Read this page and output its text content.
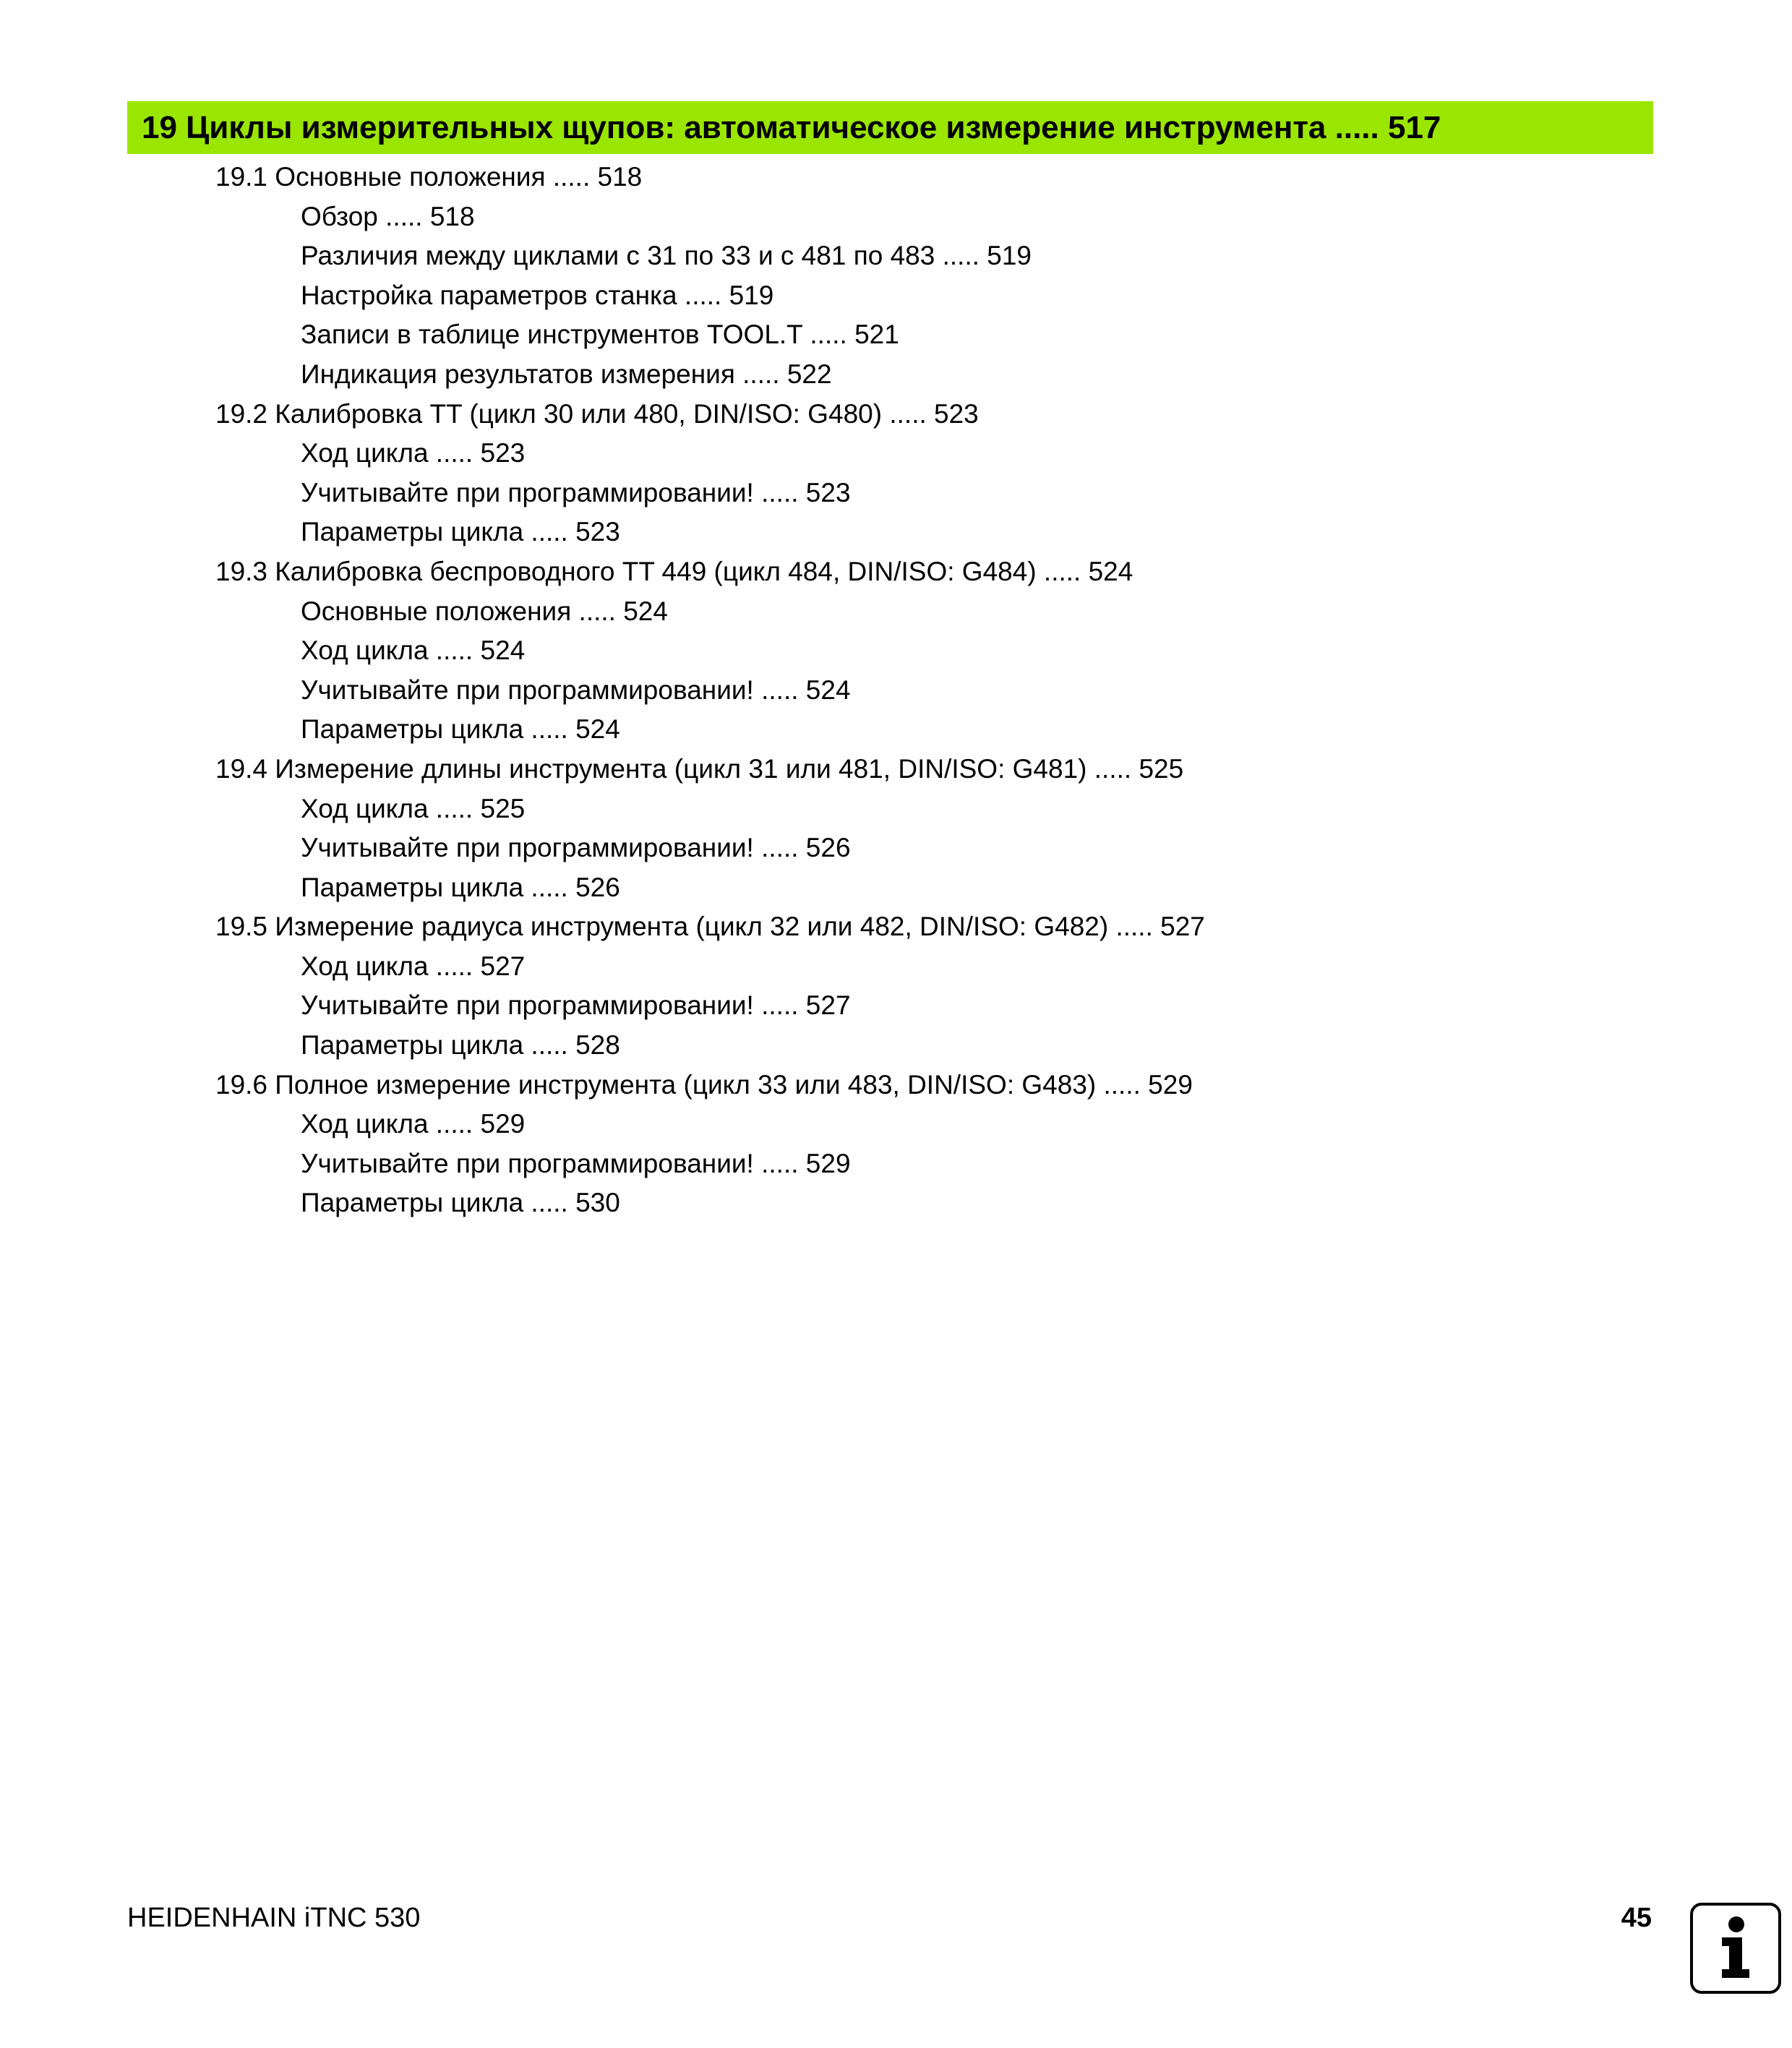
19 Циклы измерительных щупов: автоматическое измерение инструмента ..... 517
19.1 Основные положения ..... 518
Обзор ..... 518
Различия между циклами с 31 по 33 и с 481 по 483 ..... 519
Настройка параметров станка ..... 519
Записи в таблице инструментов TOOL.T ..... 521
Индикация результатов измерения ..... 522
19.2 Калибровка TT (цикл 30 или 480, DIN/ISO: G480) ..... 523
Ход цикла ..... 523
Учитывайте при программировании! ..... 523
Параметры цикла ..... 523
19.3 Калибровка беспроводного TT 449 (цикл 484, DIN/ISO: G484) ..... 524
Основные положения ..... 524
Ход цикла ..... 524
Учитывайте при программировании! ..... 524
Параметры цикла ..... 524
19.4 Измерение длины инструмента (цикл 31 или 481, DIN/ISO: G481) ..... 525
Ход цикла ..... 525
Учитывайте при программировании! ..... 526
Параметры цикла ..... 526
19.5 Измерение радиуса инструмента (цикл 32 или 482, DIN/ISO: G482) ..... 527
Ход цикла ..... 527
Учитывайте при программировании! ..... 527
Параметры цикла ..... 528
19.6 Полное измерение инструмента (цикл 33 или 483, DIN/ISO: G483) ..... 529
Ход цикла ..... 529
Учитывайте при программировании! ..... 529
Параметры цикла ..... 530
HEIDENHAIN iTNC 530	45
